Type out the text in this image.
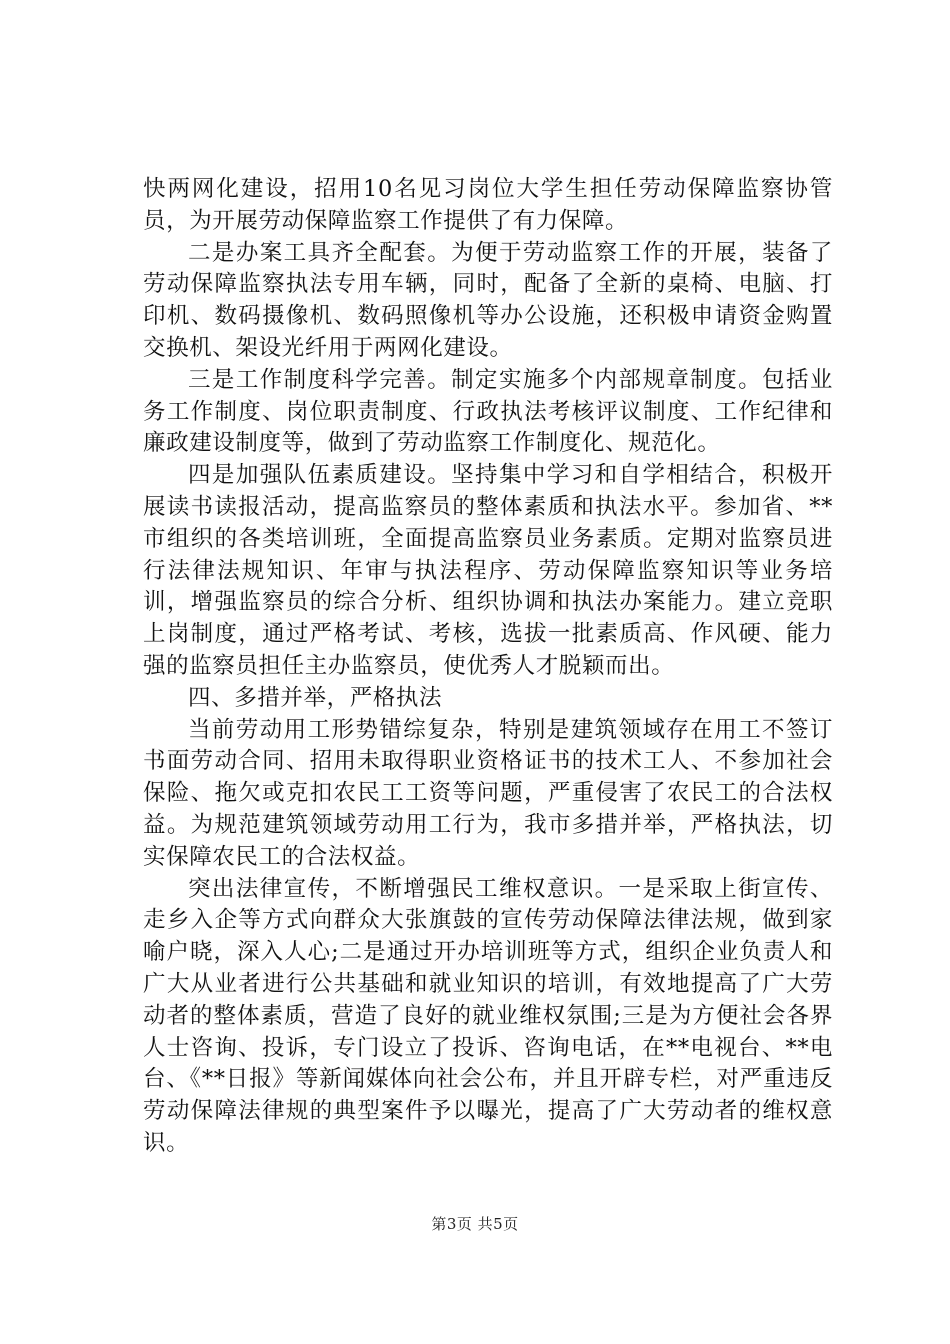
快两网化建设，招用10名见习岗位大学生担任劳动保障监察协管员，为开展劳动保障监察工作提供了有力保障。

二是办案工具齐全配套。为便于劳动监察工作的开展，装备了劳动保障监察执法专用车辆，同时，配备了全新的桌椅、电脑、打印机、数码摄像机、数码照像机等办公设施，还积极申请资金购置交换机、架设光纤用于两网化建设。

三是工作制度科学完善。制定实施多个内部规章制度。包括业务工作制度、岗位职责制度、行政执法考核评议制度、工作纪律和廉政建设制度等，做到了劳动监察工作制度化、规范化。

四是加强队伍素质建设。坚持集中学习和自学相结合，积极开展读书读报活动，提高监察员的整体素质和执法水平。参加省、**市组织的各类培训班，全面提高监察员业务素质。定期对监察员进行法律法规知识、年审与执法程序、劳动保障监察知识等业务培训，增强监察员的综合分析、组织协调和执法办案能力。建立竞职上岗制度，通过严格考试、考核，选拔一批素质高、作风硬、能力强的监察员担任主办监察员，使优秀人才脱颖而出。

四、多措并举，严格执法

当前劳动用工形势错综复杂，特别是建筑领域存在用工不签订书面劳动合同、招用未取得职业资格证书的技术工人、不参加社会保险、拖欠或克扣农民工工资等问题，严重侵害了农民工的合法权益。为规范建筑领域劳动用工行为，我市多措并举，严格执法，切实保障农民工的合法权益。

突出法律宣传，不断增强民工维权意识。一是采取上街宣传、走乡入企等方式向群众大张旗鼓的宣传劳动保障法律法规，做到家喻户晓，深入人心;二是通过开办培训班等方式，组织企业负责人和广大从业者进行公共基础和就业知识的培训，有效地提高了广大劳动者的整体素质，营造了良好的就业维权氛围;三是为方便社会各界人士咨询、投诉，专门设立了投诉、咨询电话，在**电视台、**电台、《**日报》等新闻媒体向社会公布，并且开辟专栏，对严重违反劳动保障法律规的典型案件予以曝光，提高了广大劳动者的维权意识。

第3页 共5页
